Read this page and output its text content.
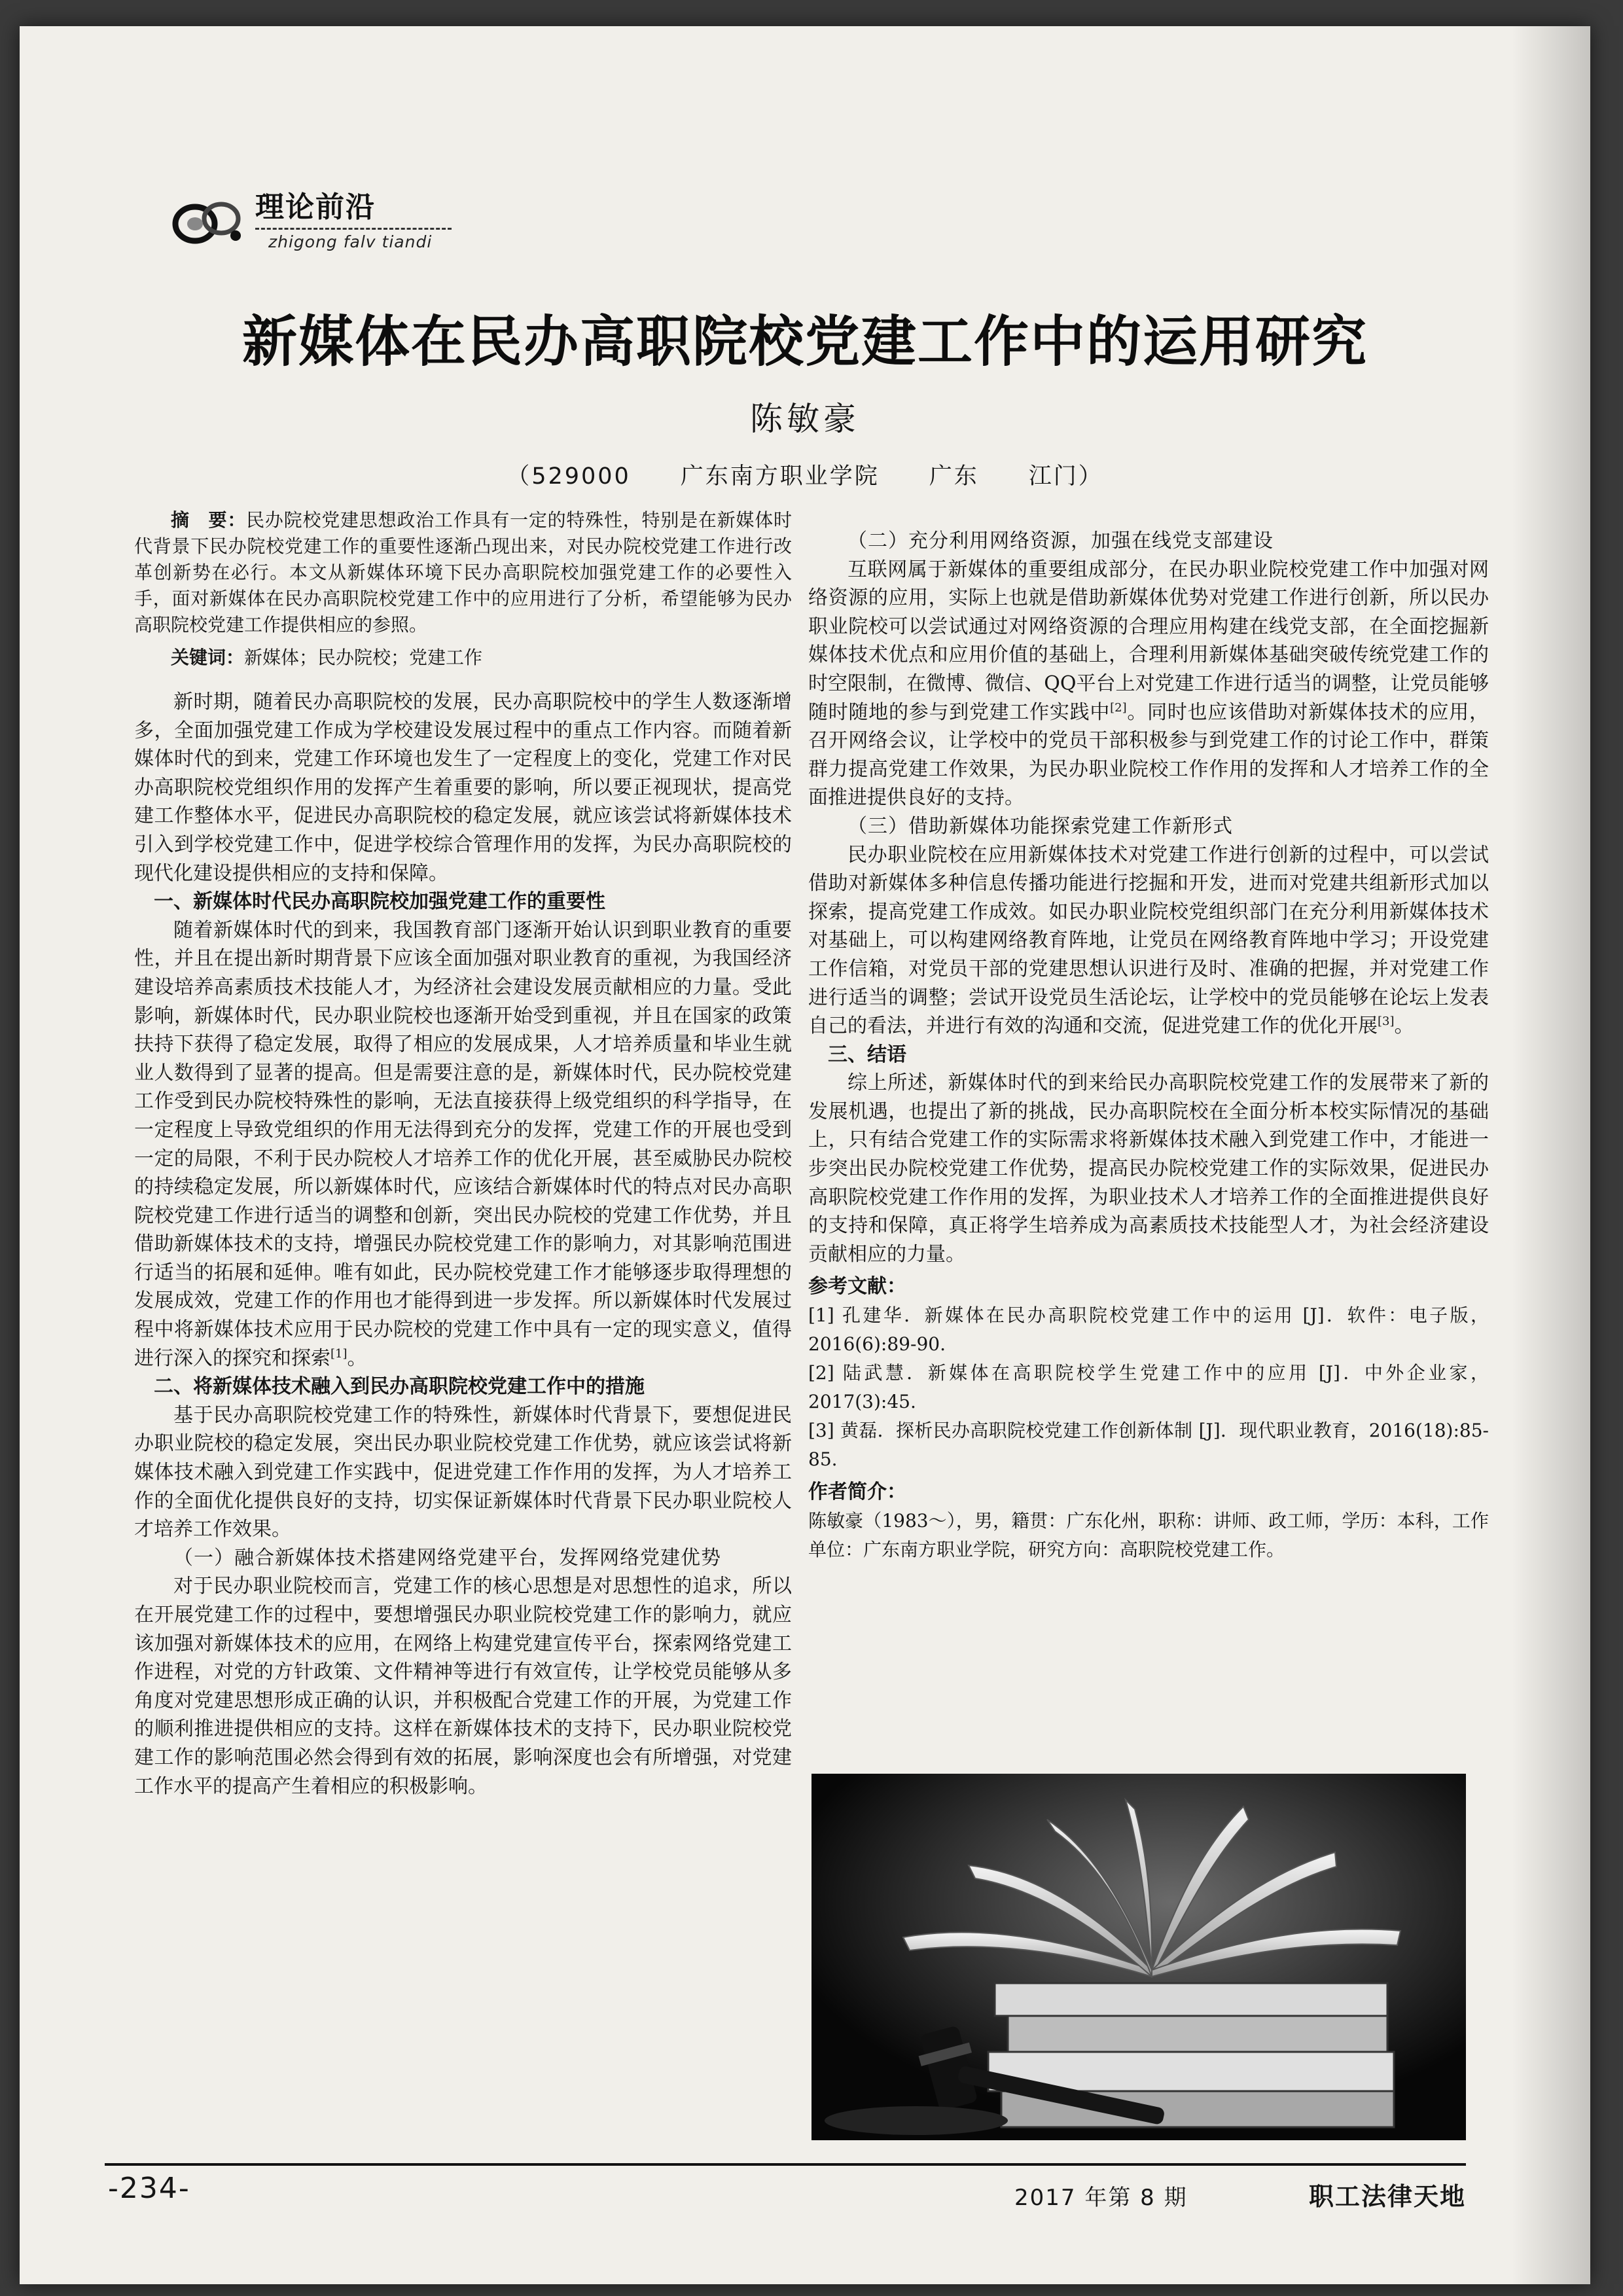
理论前沿
zhigong falv tiandi
新媒体在民办高职院校党建工作中的运用研究
陈敏豪
（529000　　广东南方职业学院　　广东　　江门）

摘　要：民办院校党建思想政治工作具有一定的特殊性，特别是在新媒体时代背景下民办院校党建工作的重要性逐渐凸现出来，对民办院校党建工作进行改革创新势在必行。本文从新媒体环境下民办高职院校加强党建工作的必要性入手，面对新媒体在民办高职院校党建工作中的应用进行了分析，希望能够为民办高职院校党建工作提供相应的参照。

关键词：新媒体；民办院校；党建工作

新时期，随着民办高职院校的发展，民办高职院校中的学生人数逐渐增多，全面加强党建工作成为学校建设发展过程中的重点工作内容。而随着新媒体时代的到来，党建工作环境也发生了一定程度上的变化，党建工作对民办高职院校党组织作用的发挥产生着重要的影响，所以要正视现状，提高党建工作整体水平，促进民办高职院校的稳定发展，就应该尝试将新媒体技术引入到学校党建工作中，促进学校综合管理作用的发挥，为民办高职院校的现代化建设提供相应的支持和保障。

一、新媒体时代民办高职院校加强党建工作的重要性

随着新媒体时代的到来，我国教育部门逐渐开始认识到职业教育的重要性，并且在提出新时期背景下应该全面加强对职业教育的重视，为我国经济建设培养高素质技术技能人才，为经济社会建设发展贡献相应的力量。受此影响，新媒体时代，民办职业院校也逐渐开始受到重视，并且在国家的政策扶持下获得了稳定发展，取得了相应的发展成果，人才培养质量和毕业生就业人数得到了显著的提高。但是需要注意的是，新媒体时代，民办院校党建工作受到民办院校特殊性的影响，无法直接获得上级党组织的科学指导，在一定程度上导致党组织的作用无法得到充分的发挥，党建工作的开展也受到一定的局限，不利于民办院校人才培养工作的优化开展，甚至威胁民办院校的持续稳定发展，所以新媒体时代，应该结合新媒体时代的特点对民办高职院校党建工作进行适当的调整和创新，突出民办院校的党建工作优势，并且借助新媒体技术的支持，增强民办院校党建工作的影响力，对其影响范围进行适当的拓展和延伸。唯有如此，民办院校党建工作才能够逐步取得理想的发展成效，党建工作的作用也才能得到进一步发挥。所以新媒体时代发展过程中将新媒体技术应用于民办院校的党建工作中具有一定的现实意义，值得进行深入的探究和探索[1]。

二、将新媒体技术融入到民办高职院校党建工作中的措施

基于民办高职院校党建工作的特殊性，新媒体时代背景下，要想促进民办职业院校的稳定发展，突出民办职业院校党建工作优势，就应该尝试将新媒体技术融入到党建工作实践中，促进党建工作作用的发挥，为人才培养工作的全面优化提供良好的支持，切实保证新媒体时代背景下民办职业院校人才培养工作效果。

（一）融合新媒体技术搭建网络党建平台，发挥网络党建优势

对于民办职业院校而言，党建工作的核心思想是对思想性的追求，所以在开展党建工作的过程中，要想增强民办职业院校党建工作的影响力，就应该加强对新媒体技术的应用，在网络上构建党建宣传平台，探索网络党建工作进程，对党的方针政策、文件精神等进行有效宣传，让学校党员能够从多角度对党建思想形成正确的认识，并积极配合党建工作的开展，为党建工作的顺利推进提供相应的支持。这样在新媒体技术的支持下，民办职业院校党建工作的影响范围必然会得到有效的拓展，影响深度也会有所增强，对党建工作水平的提高产生着相应的积极影响。

（二）充分利用网络资源，加强在线党支部建设

互联网属于新媒体的重要组成部分，在民办职业院校党建工作中加强对网络资源的应用，实际上也就是借助新媒体优势对党建工作进行创新，所以民办职业院校可以尝试通过对网络资源的合理应用构建在线党支部，在全面挖掘新媒体技术优点和应用价值的基础上，合理利用新媒体基础突破传统党建工作的时空限制，在微博、微信、QQ平台上对党建工作进行适当的调整，让党员能够随时随地的参与到党建工作实践中[2]。同时也应该借助对新媒体技术的应用，召开网络会议，让学校中的党员干部积极参与到党建工作的讨论工作中，群策群力提高党建工作效果，为民办职业院校工作作用的发挥和人才培养工作的全面推进提供良好的支持。

（三）借助新媒体功能探索党建工作新形式

民办职业院校在应用新媒体技术对党建工作进行创新的过程中，可以尝试借助对新媒体多种信息传播功能进行挖掘和开发，进而对党建共组新形式加以探索，提高党建工作成效。如民办职业院校党组织部门在充分利用新媒体技术对基础上，可以构建网络教育阵地，让党员在网络教育阵地中学习；开设党建工作信箱，对党员干部的党建思想认识进行及时、准确的把握，并对党建工作进行适当的调整；尝试开设党员生活论坛，让学校中的党员能够在论坛上发表自己的看法，并进行有效的沟通和交流，促进党建工作的优化开展[3]。

三、结语

综上所述，新媒体时代的到来给民办高职院校党建工作的发展带来了新的发展机遇，也提出了新的挑战，民办高职院校在全面分析本校实际情况的基础上，只有结合党建工作的实际需求将新媒体技术融入到党建工作中，才能进一步突出民办院校党建工作优势，提高民办院校党建工作的实际效果，促进民办高职院校党建工作作用的发挥，为职业技术人才培养工作的全面推进提供良好的支持和保障，真正将学生培养成为高素质技术技能型人才，为社会经济建设贡献相应的力量。

参考文献：

[1] 孔建华．新媒体在民办高职院校党建工作中的运用 [J]．软件：电子版，2016(6):89-90.

[2] 陆武慧．新媒体在高职院校学生党建工作中的应用 [J]．中外企业家，2017(3):45.

[3] 黄磊．探析民办高职院校党建工作创新体制 [J]．现代职业教育，2016(18):85-85.

作者简介：

陈敏豪（1983～），男，籍贯：广东化州，职称：讲师、政工师，学历：本科，工作单位：广东南方职业学院，研究方向：高职院校党建工作。

-234-	2017 年第 8 期	职工法律天地
